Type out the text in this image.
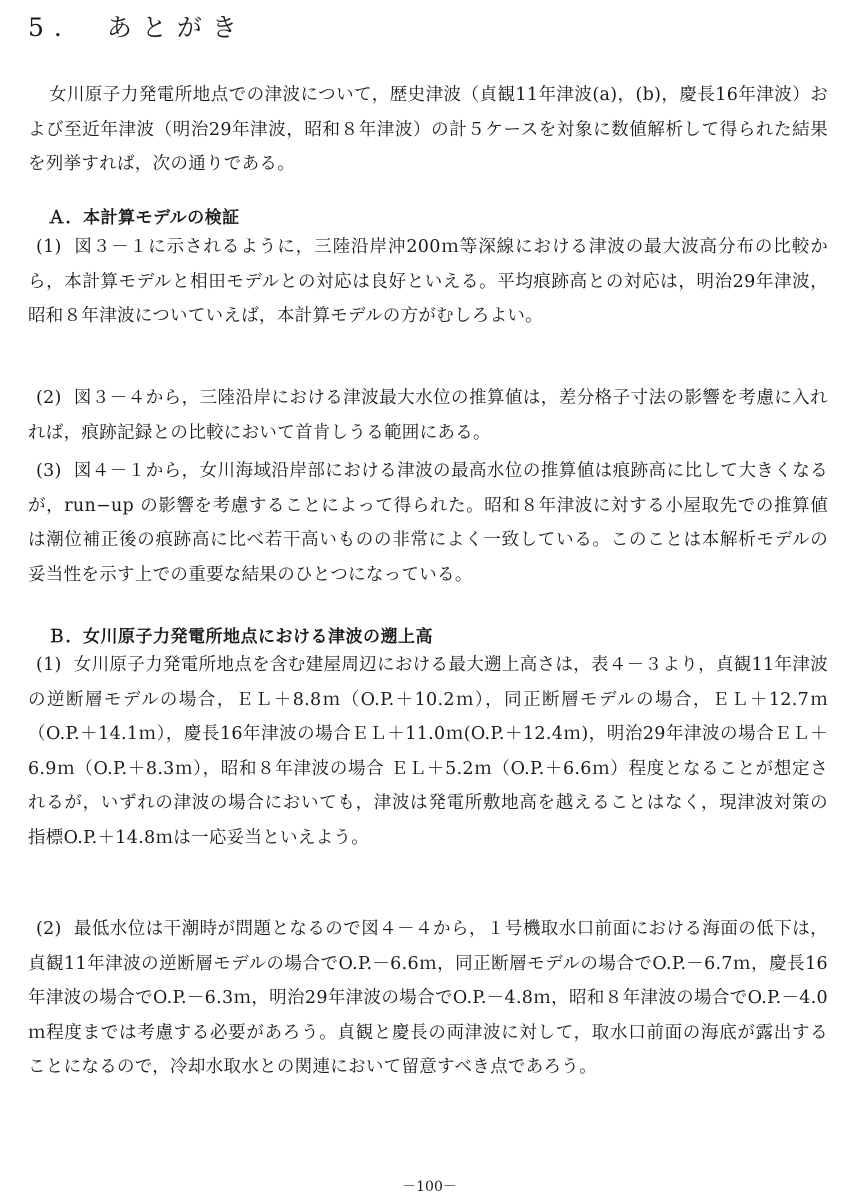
5.　あとがき

女川原子力発電所地点での津波について，歴史津波（貞観11年津波(a)，(b)，慶長16年津波）および至近年津波（明治29年津波，昭和８年津波）の計５ケースを対象に数値解析して得られた結果を列挙すれば，次の通りである。

Ａ．本計算モデルの検証

(1) 図３－１に示されるように，三陸沿岸沖200ｍ等深線における津波の最大波高分布の比較から，本計算モデルと相田モデルとの対応は良好といえる。平均痕跡高との対応は，明治29年津波，昭和８年津波についていえば，本計算モデルの方がむしろよい。

(2) 図３－４から，三陸沿岸における津波最大水位の推算値は，差分格子寸法の影響を考慮に入れれば，痕跡記録との比較において首肯しうる範囲にある。

(3) 図４－１から，女川海域沿岸部における津波の最高水位の推算値は痕跡高に比して大きくなるが，run−up の影響を考慮することによって得られた。昭和８年津波に対する小屋取先での推算値は潮位補正後の痕跡高に比べ若干高いものの非常によく一致している。このことは本解析モデルの妥当性を示す上での重要な結果のひとつになっている。

Ｂ．女川原子力発電所地点における津波の遡上高

(1) 女川原子力発電所地点を含む建屋周辺における最大遡上高さは，表４－３より，貞観11年津波の逆断層モデルの場合，ＥＬ＋8.8ｍ（O.P.＋10.2ｍ），同正断層モデルの場合，ＥＬ＋12.7ｍ（O.P.＋14.1ｍ），慶長16年津波の場合ＥＬ＋11.0ｍ(O.P.＋12.4ｍ)，明治29年津波の場合ＥＬ＋6.9ｍ（O.P.＋8.3ｍ），昭和８年津波の場合 ＥＬ＋5.2ｍ（O.P.＋6.6ｍ）程度となることが想定されるが，いずれの津波の場合においても，津波は発電所敷地高を越えることはなく，現津波対策の指標O.P.＋14.8ｍは一応妥当といえよう。

(2) 最低水位は干潮時が問題となるので図４－４から，１号機取水口前面における海面の低下は，貞観11年津波の逆断層モデルの場合でO.P.－6.6ｍ，同正断層モデルの場合でO.P.－6.7ｍ，慶長16年津波の場合でO.P.－6.3ｍ，明治29年津波の場合でO.P.－4.8ｍ，昭和８年津波の場合でO.P.－4.0ｍ程度までは考慮する必要があろう。貞観と慶長の両津波に対して，取水口前面の海底が露出することになるので，冷却水取水との関連において留意すべき点であろう。

－100－
